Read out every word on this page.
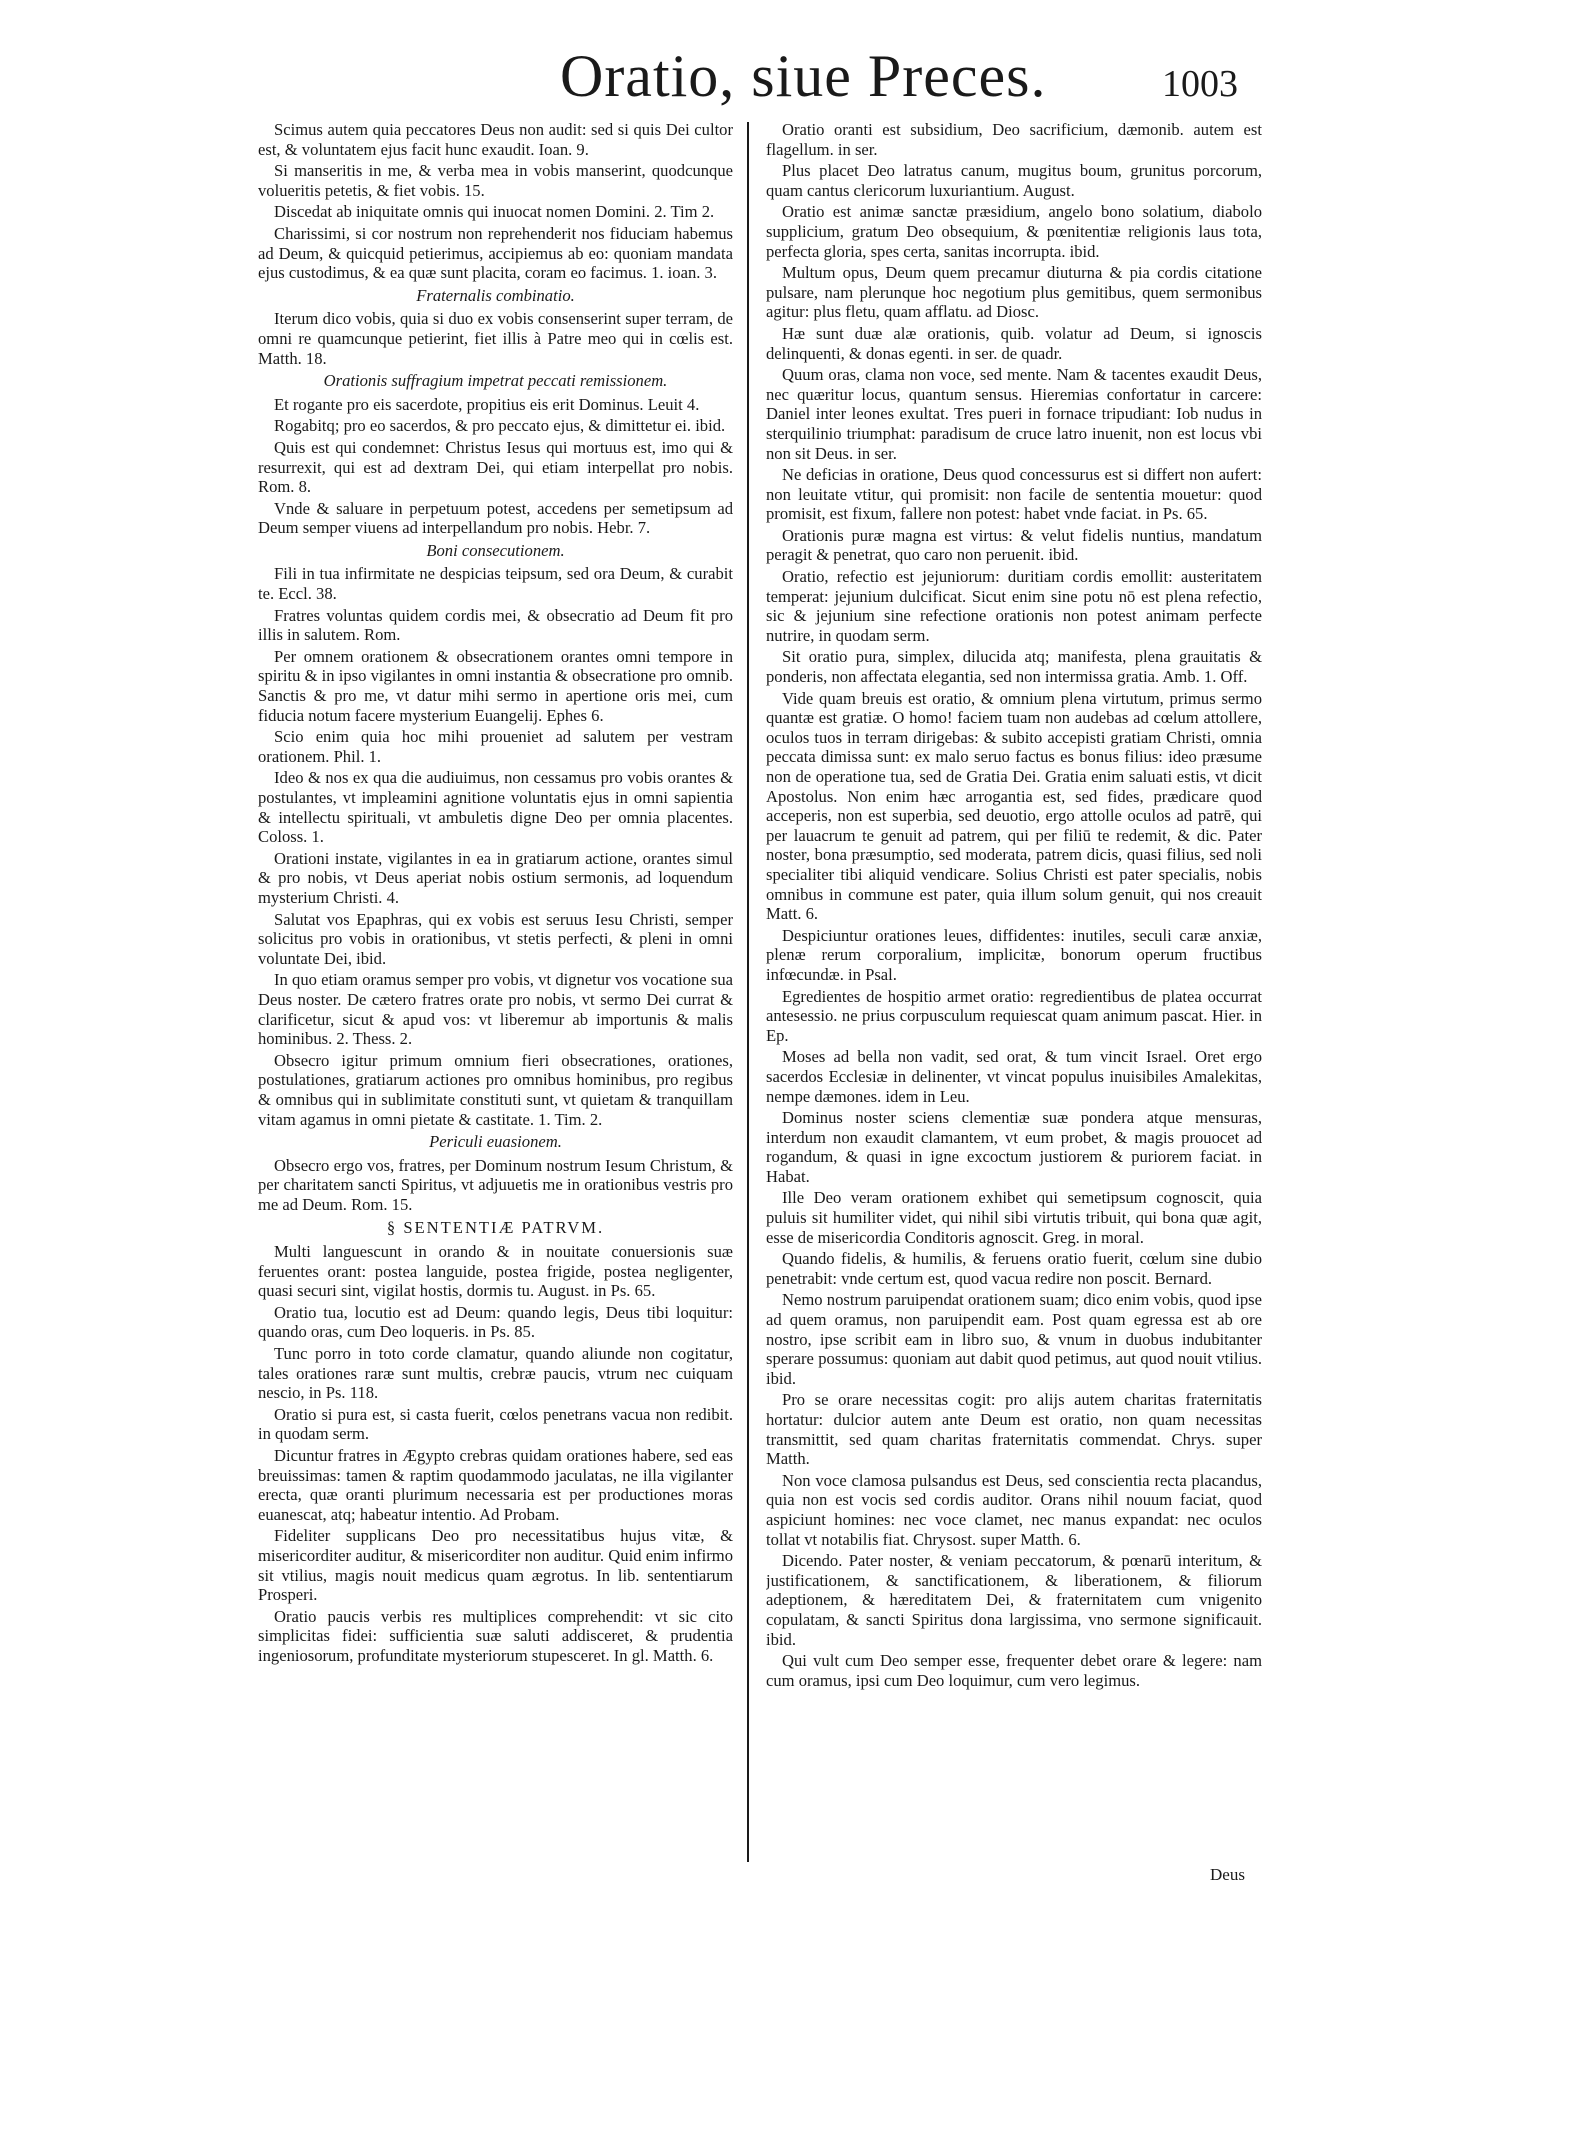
Oratio, siue Preces.	1003

Scimus autem quia peccatores Deus non audit: sed si quis Dei cultor est, & voluntatem ejus facit hunc exaudit. Ioan. 9.

Si manseritis in me, & verba mea in vobis manserint, quodcunque volueritis petetis, & fiet vobis. 15.

Discedat ab iniquitate omnis qui inuocat nomen Domini. 2. Tim 2.

Charissimi, si cor nostrum non reprehenderit nos fiduciam habemus ad Deum, & quicquid petierimus, accipiemus ab eo: quoniam mandata ejus custodimus, & ea quæ sunt placita, coram eo facimus. 1. ioan. 3.

Fraternalis combinatio.

Iterum dico vobis, quia si duo ex vobis consenserint super terram, de omni re quamcunque petierint, fiet illis à Patre meo qui in cœlis est. Matth. 18.

Orationis suffragium impetrat peccati remissionem.

Et rogante pro eis sacerdote, propitius eis erit Dominus. Leuit 4.

Rogabitq; pro eo sacerdos, & pro peccato ejus, & dimittetur ei. ibid.

Quis est qui condemnet: Christus Iesus qui mortuus est, imo qui & resurrexit, qui est ad dextram Dei, qui etiam interpellat pro nobis. Rom. 8.

Vnde & saluare in perpetuum potest, accedens per semetipsum ad Deum semper viuens ad interpellandum pro nobis. Hebr. 7.

Boni consecutionem.

Fili in tua infirmitate ne despicias teipsum, sed ora Deum, & curabit te. Eccl. 38.

Fratres voluntas quidem cordis mei, & obsecratio ad Deum fit pro illis in salutem. Rom.

Per omnem orationem & obsecrationem orantes omni tempore in spiritu & in ipso vigilantes in omni instantia & obsecratione pro omnib. Sanctis & pro me, vt datur mihi sermo in apertione oris mei, cum fiducia notum facere mysterium Euangelij. Ephes 6.

Scio enim quia hoc mihi proueniet ad salutem per vestram orationem. Phil. 1.

Ideo & nos ex qua die audiuimus, non cessamus pro vobis orantes & postulantes, vt impleamini agnitione voluntatis ejus in omni sapientia & intellectu spirituali, vt ambuletis digne Deo per omnia placentes. Coloss. 1.

Orationi instate, vigilantes in ea in gratiarum actione, orantes simul & pro nobis, vt Deus aperiat nobis ostium sermonis, ad loquendum mysterium Christi. 4.

Salutat vos Epaphras, qui ex vobis est seruus Iesu Christi, semper solicitus pro vobis in orationibus, vt stetis perfecti, & pleni in omni voluntate Dei, ibid.

In quo etiam oramus semper pro vobis, vt dignetur vos vocatione sua Deus noster. De cætero fratres orate pro nobis, vt sermo Dei currat & clarificetur, sicut & apud vos: vt liberemur ab importunis & malis hominibus. 2. Thess. 2.

Obsecro igitur primum omnium fieri obsecrationes, orationes, postulationes, gratiarum actiones pro omnibus hominibus, pro regibus & omnibus qui in sublimitate constituti sunt, vt quietam & tranquillam vitam agamus in omni pietate & castitate. 1. Tim. 2.

Periculi euasionem.

Obsecro ergo vos, fratres, per Dominum nostrum Iesum Christum, & per charitatem sancti Spiritus, vt adjuuetis me in orationibus vestris pro me ad Deum. Rom. 15.

§ SENTENTIÆ PATRVM.

Multi languescunt in orando & in nouitate conuersionis suæ feruentes orant: postea languide, postea frigide, postea negligenter, quasi securi sint, vigilat hostis, dormis tu. August. in Ps. 65.

Oratio tua, locutio est ad Deum: quando legis, Deus tibi loquitur: quando oras, cum Deo loqueris. in Ps. 85.

Tunc porro in toto corde clamatur, quando aliunde non cogitatur, tales orationes raræ sunt multis, crebræ paucis, vtrum nec cuiquam nescio, in Ps. 118.

Oratio si pura est, si casta fuerit, cœlos penetrans vacua non redibit. in quodam serm.

Dicuntur fratres in Ægypto crebras quidam orationes habere, sed eas breuissimas: tamen & raptim quodammodo jaculatas, ne illa vigilanter erecta, quæ oranti plurimum necessaria est per productiones moras euanescat, atq; habeatur intentio. Ad Probam.

Fideliter supplicans Deo pro necessitatibus hujus vitæ, & misericorditer auditur, & misericorditer non auditur. Quid enim infirmo sit vtilius, magis nouit medicus quam ægrotus. In lib. sententiarum Prosperi.

Oratio paucis verbis res multiplices comprehendit: vt sic cito simplicitas fidei: sufficientia suæ saluti addisceret, & prudentia ingeniosorum, profunditate mysteriorum stupesceret. In gl. Matth. 6.

Oratio oranti est subsidium, Deo sacrificium, dæmonib. autem est flagellum. in ser.

Plus placet Deo latratus canum, mugitus boum, grunitus porcorum, quam cantus clericorum luxuriantium. August.

Oratio est animæ sanctæ præsidium, angelo bono solatium, diabolo supplicium, gratum Deo obsequium, & pœnitentiæ religionis laus tota, perfecta gloria, spes certa, sanitas incorrupta. ibid.

Multum opus, Deum quem precamur diuturna & pia cordis citatione pulsare, nam plerunque hoc negotium plus gemitibus, quem sermonibus agitur: plus fletu, quam afflatu. ad Diosc.

Hæ sunt duæ alæ orationis, quib. volatur ad Deum, si ignoscis delinquenti, & donas egenti. in ser. de quadr.

Quum oras, clama non voce, sed mente. Nam & tacentes exaudit Deus, nec quæritur locus, quantum sensus. Hieremias confortatur in carcere: Daniel inter leones exultat. Tres pueri in fornace tripudiant: Iob nudus in sterquilinio triumphat: paradisum de cruce latro inuenit, non est locus vbi non sit Deus. in ser.

Ne deficias in oratione, Deus quod concessurus est si differt non aufert: non leuitate vtitur, qui promisit: non facile de sententia mouetur: quod promisit, est fixum, fallere non potest: habet vnde faciat. in Ps. 65.

Orationis puræ magna est virtus: & velut fidelis nuntius, mandatum peragit & penetrat, quo caro non peruenit. ibid.

Oratio, refectio est jejuniorum: duritiam cordis emollit: austeritatem temperat: jejunium dulcificat. Sicut enim sine potu nō est plena refectio, sic & jejunium sine refectione orationis non potest animam perfecte nutrire, in quodam serm.

Sit oratio pura, simplex, dilucida atq; manifesta, plena grauitatis & ponderis, non affectata elegantia, sed non intermissa gratia. Amb. 1. Off.

Vide quam breuis est oratio, & omnium plena virtutum, primus sermo quantæ est gratiæ. O homo! faciem tuam non audebas ad cœlum attollere, oculos tuos in terram dirigebas: & subito accepisti gratiam Christi, omnia peccata dimissa sunt: ex malo seruo factus es bonus filius: ideo præsume non de operatione tua, sed de Gratia Dei. Gratia enim saluati estis, vt dicit Apostolus. Non enim hæc arrogantia est, sed fides, prædicare quod acceperis, non est superbia, sed deuotio, ergo attolle oculos ad patrē, qui per lauacrum te genuit ad patrem, qui per filiū te redemit, & dic. Pater noster, bona præsumptio, sed moderata, patrem dicis, quasi filius, sed noli specialiter tibi aliquid vendicare. Solius Christi est pater specialis, nobis omnibus in commune est pater, quia illum solum genuit, qui nos creauit Matt. 6.

Despiciuntur orationes leues, diffidentes: inutiles, seculi caræ anxiæ, plenæ rerum corporalium, implicitæ, bonorum operum fructibus infœcundæ. in Psal.

Egredientes de hospitio armet oratio: regredientibus de platea occurrat antesessio. ne prius corpusculum requiescat quam animum pascat. Hier. in Ep.

Moses ad bella non vadit, sed orat, & tum vincit Israel. Oret ergo sacerdos Ecclesiæ in delinenter, vt vincat populus inuisibiles Amalekitas, nempe dæmones. idem in Leu.

Dominus noster sciens clementiæ suæ pondera atque mensuras, interdum non exaudit clamantem, vt eum probet, & magis prouocet ad rogandum, & quasi in igne excoctum justiorem & puriorem faciat. in Habat.

Ille Deo veram orationem exhibet qui semetipsum cognoscit, quia puluis sit humiliter videt, qui nihil sibi virtutis tribuit, qui bona quæ agit, esse de misericordia Conditoris agnoscit. Greg. in moral.

Quando fidelis, & humilis, & feruens oratio fuerit, cœlum sine dubio penetrabit: vnde certum est, quod vacua redire non poscit. Bernard.

Nemo nostrum paruipendat orationem suam; dico enim vobis, quod ipse ad quem oramus, non paruipendit eam. Post quam egressa est ab ore nostro, ipse scribit eam in libro suo, & vnum in duobus indubitanter sperare possumus: quoniam aut dabit quod petimus, aut quod nouit vtilius. ibid.

Pro se orare necessitas cogit: pro alijs autem charitas fraternitatis hortatur: dulcior autem ante Deum est oratio, non quam necessitas transmittit, sed quam charitas fraternitatis commendat. Chrys. super Matth.

Non voce clamosa pulsandus est Deus, sed conscientia recta placandus, quia non est vocis sed cordis auditor. Orans nihil nouum faciat, quod aspiciunt homines: nec voce clamet, nec manus expandat: nec oculos tollat vt notabilis fiat. Chrysost. super Matth. 6.

Dicendo. Pater noster, & veniam peccatorum, & pœnarū interitum, & justificationem, & sanctificationem, & liberationem, & filiorum adeptionem, & hæreditatem Dei, & fraternitatem cum vnigenito copulatam, & sancti Spiritus dona largissima, vno sermone significauit. ibid.

Qui vult cum Deo semper esse, frequenter debet orare & legere: nam cum oramus, ipsi cum Deo loquimur, cum vero legimus.

Deus
